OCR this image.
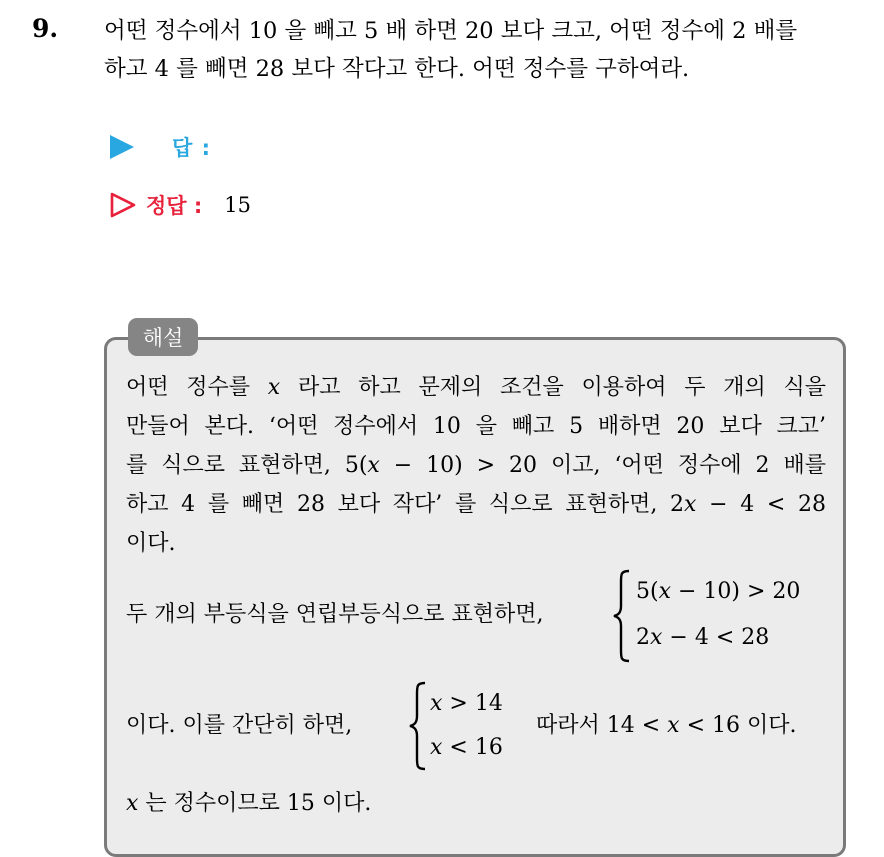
9. 어떤 정수에서 10 을 빼고 5 배 하면 20 보다 크고, 어떤 정수에 2 배를
하고 4 를 빼면 28 보다 작다고 한다. 어떤 정수를 구하여라.
답 :
정답 : 15
해설
어떤 정수를 x 라고 하고 문제의 조건을 이용하여 두 개의 식을
만들어 본다. ‘어떤 정수에서 10 을 빼고 5 배하면 20 보다 크고’
를 식으로 표현하면, 5(x − 10) > 20 이고, ‘어떤 정수에 2 배를
하고 4 를 빼면 28 보다 작다’ 를 식으로 표현하면, 2x − 4 < 28
이다.
두 개의 부등식을 연립부등식으로 표현하면,
5(x − 10) > 20
2x − 4 < 28
이다. 이를 간단히 하면,
x > 14
x < 16
따라서 14 < x < 16 이다.
x 는 정수이므로 15 이다.
